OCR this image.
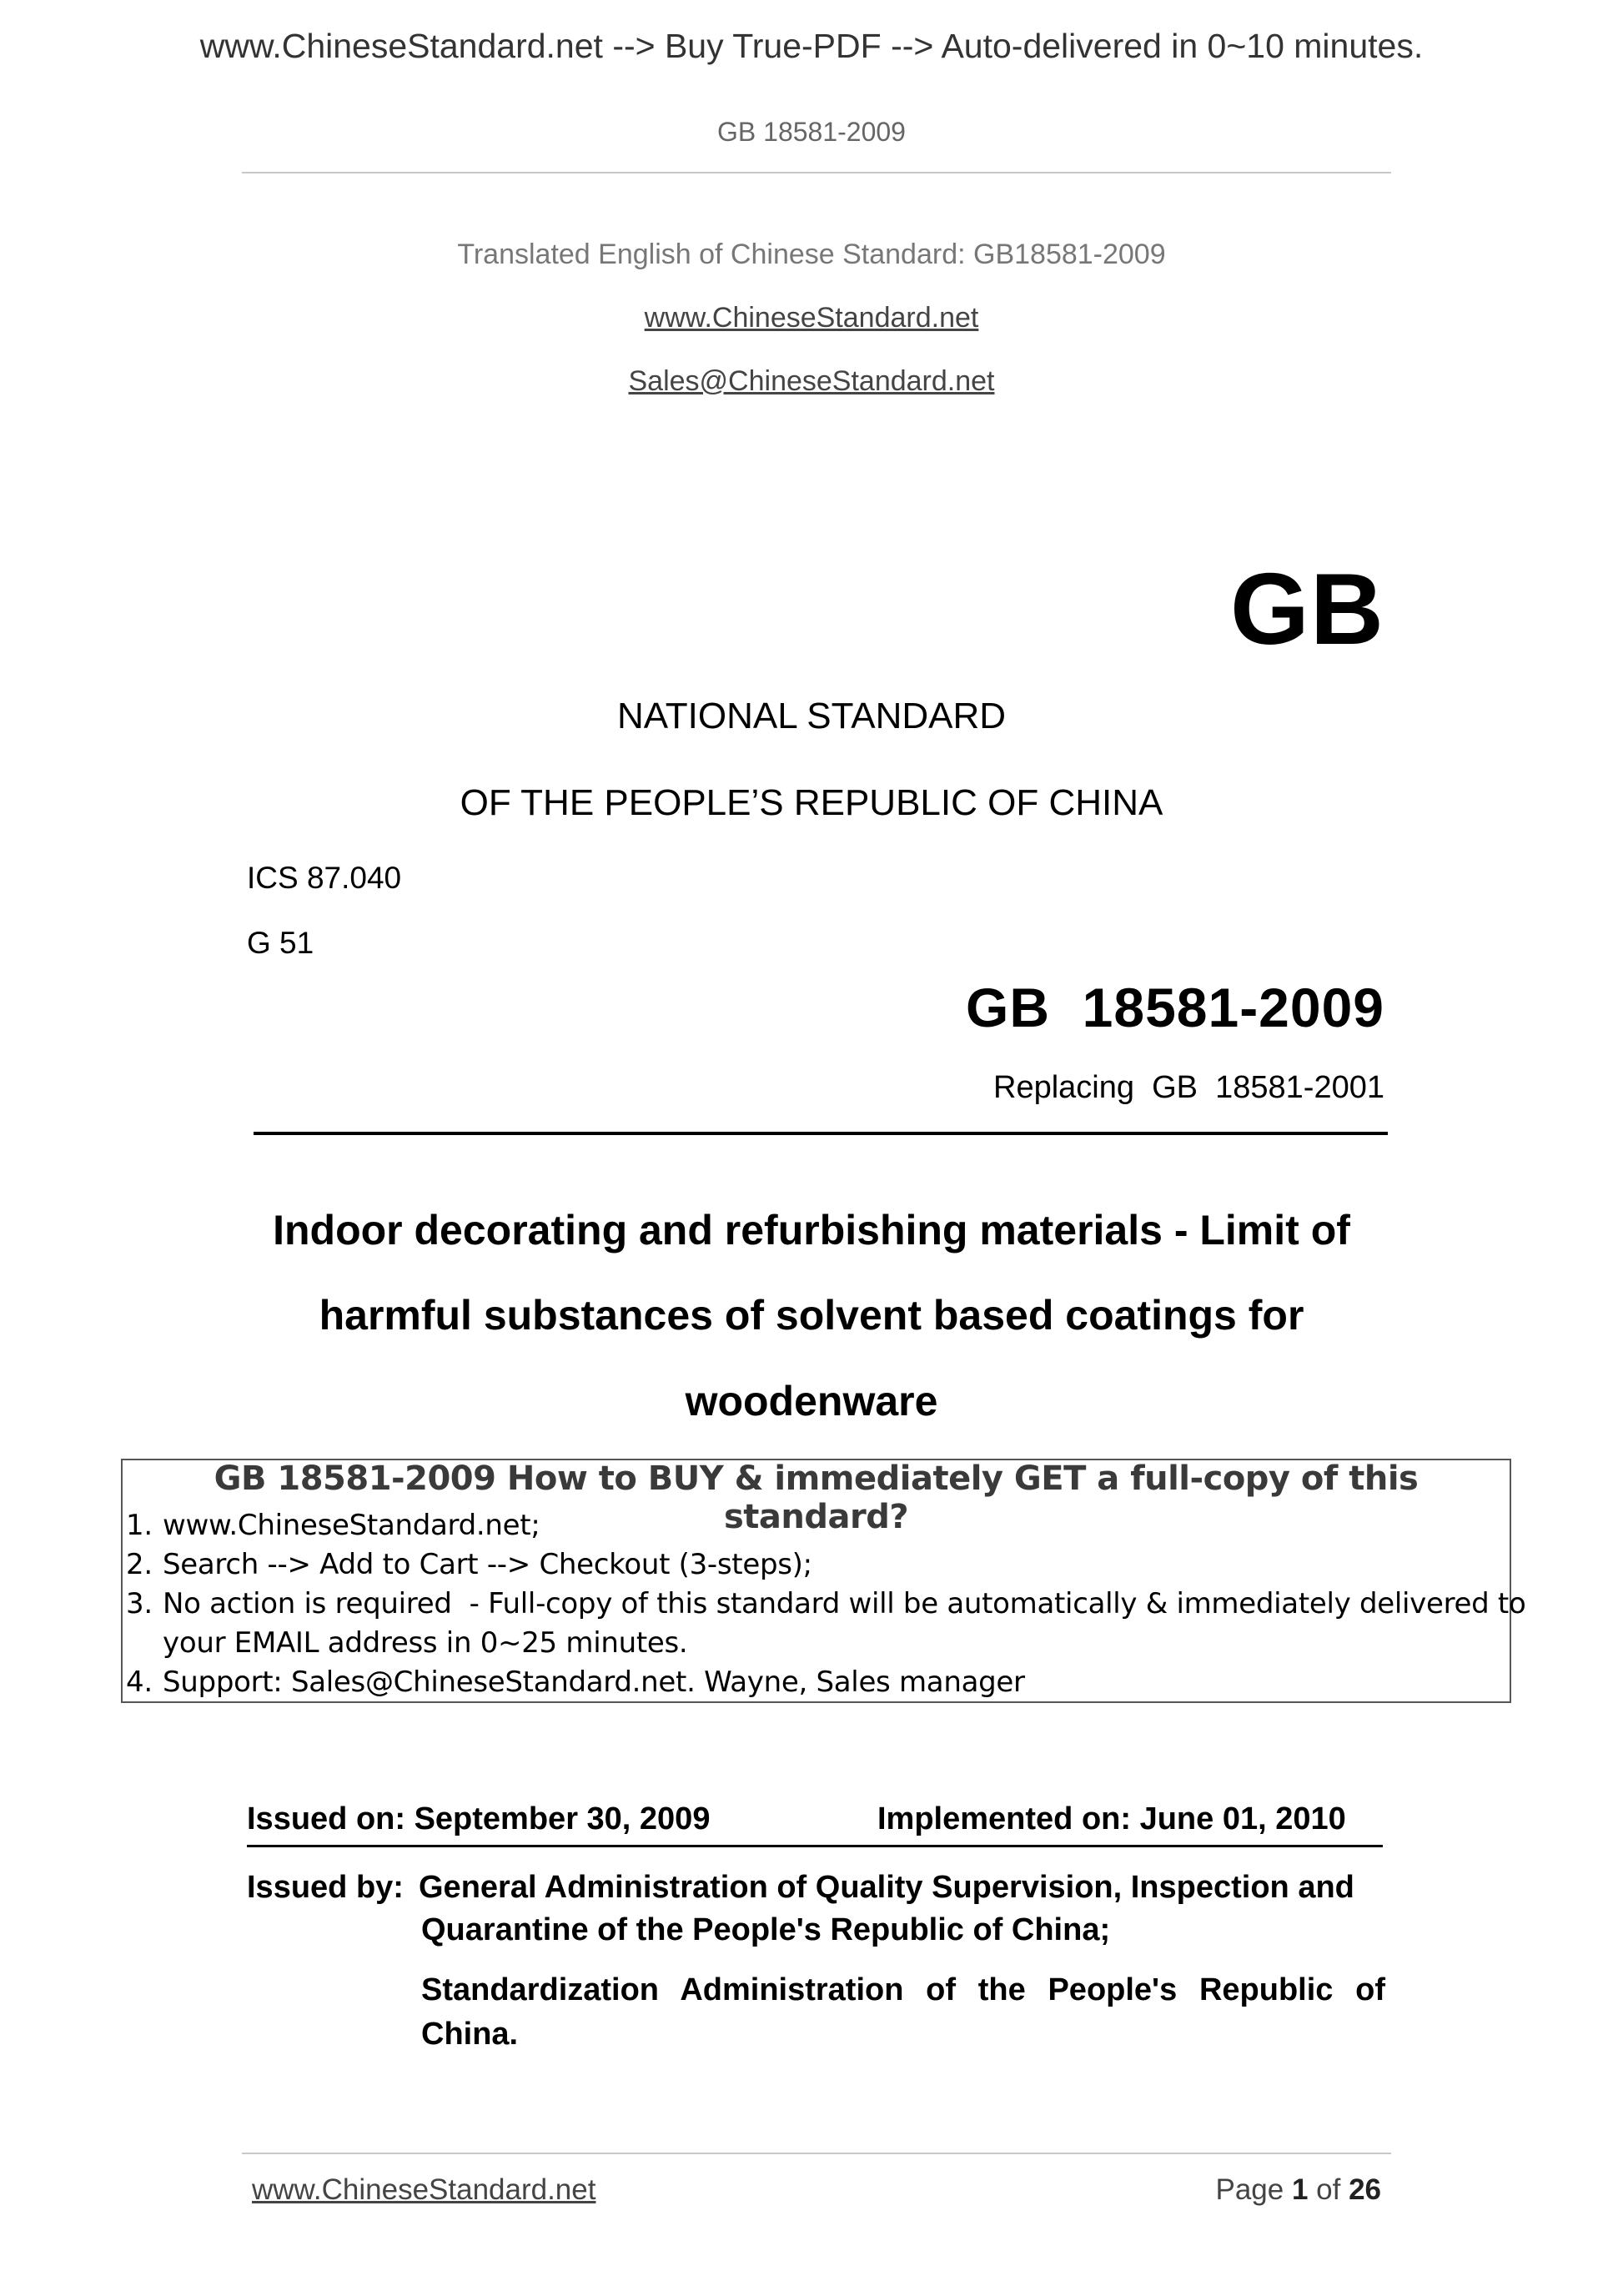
www.ChineseStandard.net --> Buy True-PDF --> Auto-delivered in 0~10 minutes.
GB 18581-2009
Translated English of Chinese Standard: GB18581-2009
www.ChineseStandard.net
Sales@ChineseStandard.net
GB
NATIONAL STANDARD
OF THE PEOPLE’S REPUBLIC OF CHINA
ICS 87.040
G 51
GB  18581-2009
Replacing  GB  18581-2001
Indoor decorating and refurbishing materials - Limit of
harmful substances of solvent based coatings for
woodenware
GB 18581-2009 How to BUY & immediately GET a full-copy of this standard?
1. www.ChineseStandard.net;
2. Search --> Add to Cart --> Checkout (3-steps);
3. No action is required  - Full-copy of this standard will be automatically & immediately delivered to
your EMAIL address in 0~25 minutes.
4. Support: Sales@ChineseStandard.net. Wayne, Sales manager
Issued on: September 30, 2009	Implemented on: June 01, 2010
Issued by: General Administration of Quality Supervision, Inspection and
Quarantine of the People's Republic of China;
Standardization Administration of the People's Republic of
China.
www.ChineseStandard.net	Page 1 of 26
